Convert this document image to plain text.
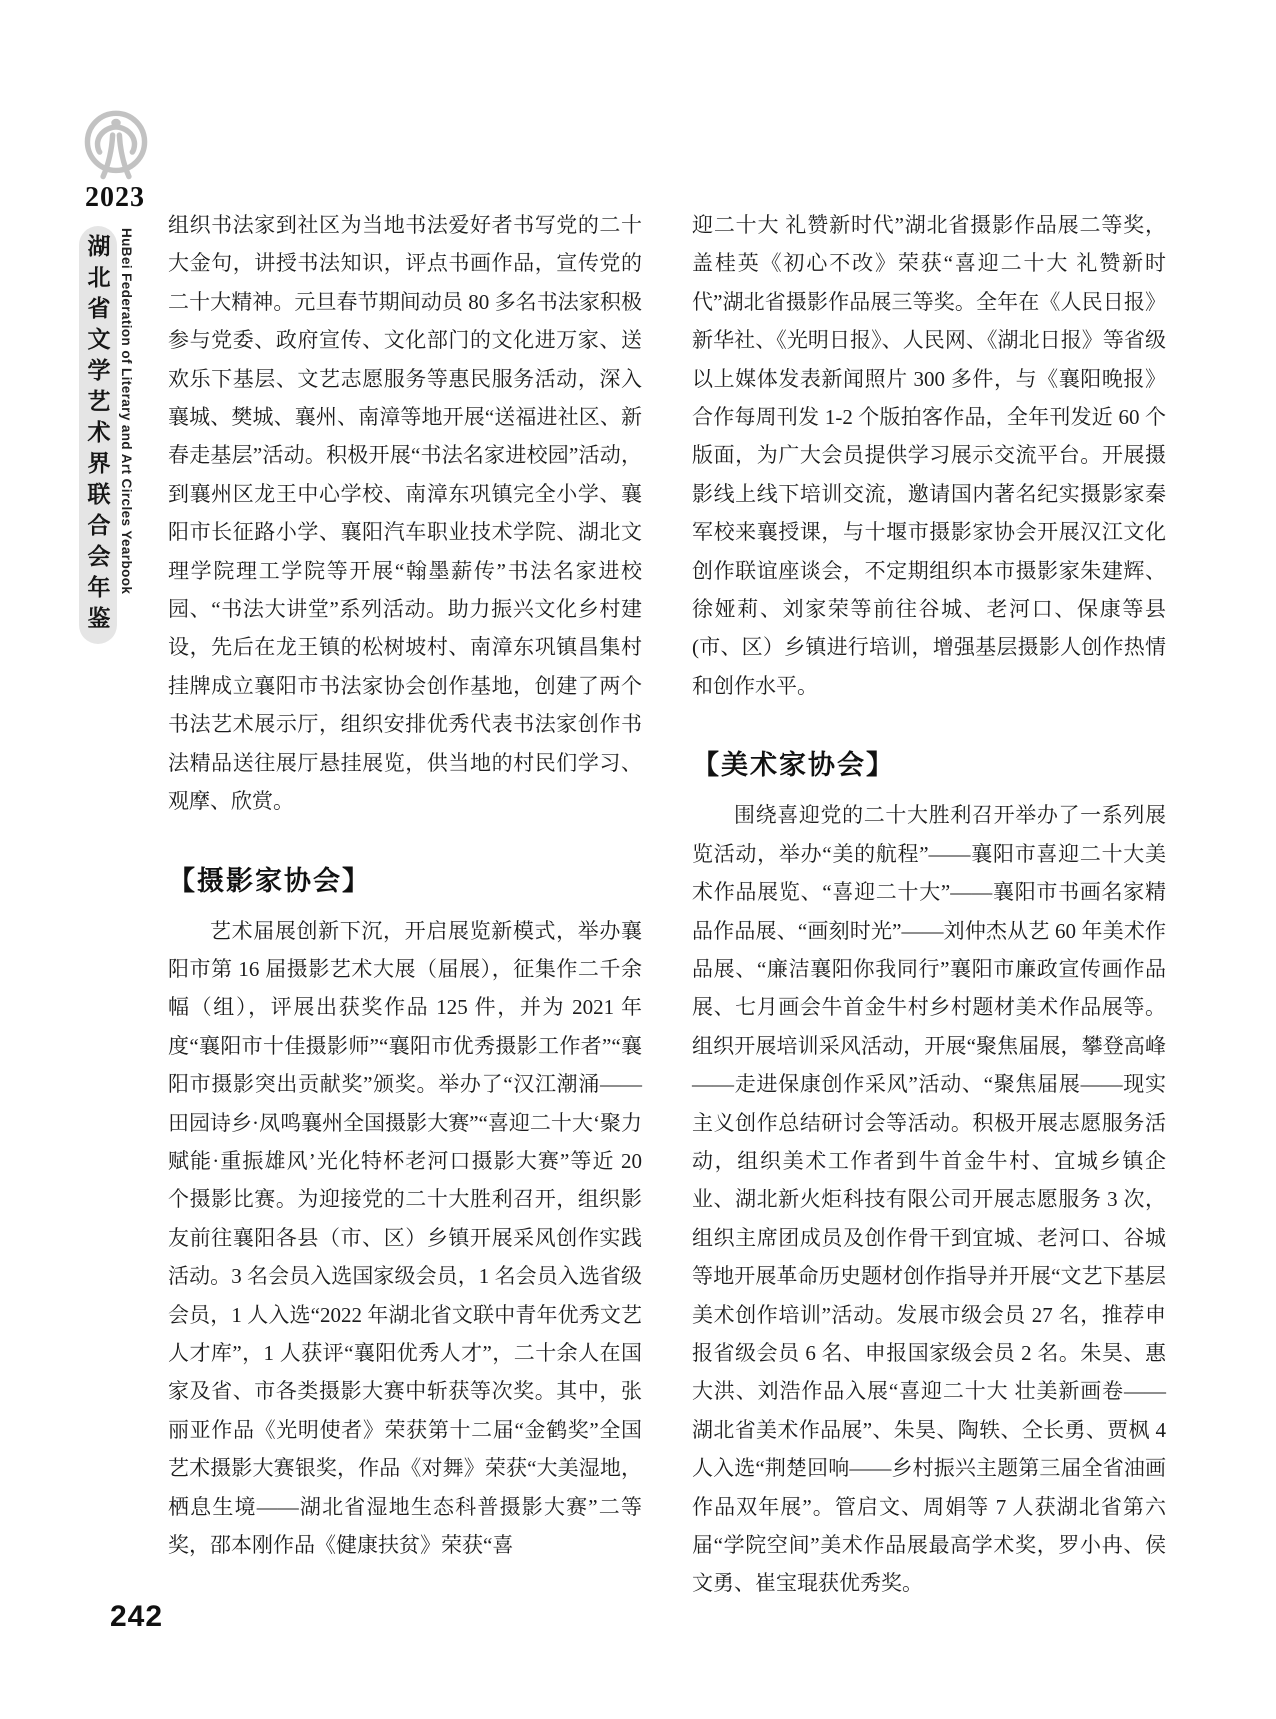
2023
湖北省文学艺术界联合会年鉴 HuBei Federation of Literary and Art Circles Yearbook

组织书法家到社区为当地书法爱好者书写党的二十大金句，讲授书法知识，评点书画作品，宣传党的二十大精神。元旦春节期间动员 80 多名书法家积极参与党委、政府宣传、文化部门的文化进万家、送欢乐下基层、文艺志愿服务等惠民服务活动，深入襄城、樊城、襄州、南漳等地开展“送福进社区、新春走基层”活动。积极开展“书法名家进校园”活动，到襄州区龙王中心学校、南漳东巩镇完全小学、襄阳市长征路小学、襄阳汽车职业技术学院、湖北文理学院理工学院等开展“翰墨薪传”书法名家进校园、“书法大讲堂”系列活动。助力振兴文化乡村建设，先后在龙王镇的松树坡村、南漳东巩镇昌集村挂牌成立襄阳市书法家协会创作基地，创建了两个书法艺术展示厅，组织安排优秀代表书法家创作书法精品送往展厅悬挂展览，供当地的村民们学习、观摩、欣赏。

【摄影家协会】

艺术届展创新下沉，开启展览新模式，举办襄阳市第 16 届摄影艺术大展（届展），征集作二千余幅（组），评展出获奖作品 125 件，并为 2021 年度“襄阳市十佳摄影师”“襄阳市优秀摄影工作者”“襄阳市摄影突出贡献奖”颁奖。举办了“汉江潮涌——田园诗乡·凤鸣襄州全国摄影大赛”“喜迎二十大‘聚力赋能·重振雄风’光化特杯老河口摄影大赛”等近 20 个摄影比赛。为迎接党的二十大胜利召开，组织影友前往襄阳各县（市、区）乡镇开展采风创作实践活动。3 名会员入选国家级会员，1 名会员入选省级会员，1 人入选“2022 年湖北省文联中青年优秀文艺人才库”，1 人获评“襄阳优秀人才”，二十余人在国家及省、市各类摄影大赛中斩获等次奖。其中，张丽亚作品《光明使者》荣获第十二届“金鹤奖”全国艺术摄影大赛银奖，作品《对舞》荣获“大美湿地，栖息生境——湖北省湿地生态科普摄影大赛”二等奖，邵本刚作品《健康扶贫》荣获“喜

迎二十大 礼赞新时代”湖北省摄影作品展二等奖，盖桂英《初心不改》荣获“喜迎二十大 礼赞新时代”湖北省摄影作品展三等奖。全年在《人民日报》新华社、《光明日报》、人民网、《湖北日报》等省级以上媒体发表新闻照片 300 多件，与《襄阳晚报》合作每周刊发 1-2 个版拍客作品，全年刊发近 60 个版面，为广大会员提供学习展示交流平台。开展摄影线上线下培训交流，邀请国内著名纪实摄影家秦军校来襄授课，与十堰市摄影家协会开展汉江文化创作联谊座谈会，不定期组织本市摄影家朱建辉、徐娅莉、刘家荣等前往谷城、老河口、保康等县(市、区）乡镇进行培训，增强基层摄影人创作热情和创作水平。

【美术家协会】

围绕喜迎党的二十大胜利召开举办了一系列展览活动，举办“美的航程”——襄阳市喜迎二十大美术作品展览、“喜迎二十大”——襄阳市书画名家精品作品展、“画刻时光”——刘仲杰从艺 60 年美术作品展、“廉洁襄阳你我同行”襄阳市廉政宣传画作品展、七月画会牛首金牛村乡村题材美术作品展等。组织开展培训采风活动，开展“聚焦届展，攀登高峰——走进保康创作采风”活动、“聚焦届展——现实主义创作总结研讨会等活动。积极开展志愿服务活动，组织美术工作者到牛首金牛村、宜城乡镇企业、湖北新火炬科技有限公司开展志愿服务 3 次，组织主席团成员及创作骨干到宜城、老河口、谷城等地开展革命历史题材创作指导并开展“文艺下基层美术创作培训”活动。发展市级会员 27 名，推荐申报省级会员 6 名、申报国家级会员 2 名。朱昊、惠大洪、刘浩作品入展“喜迎二十大 壮美新画卷——湖北省美术作品展”、朱昊、陶轶、仝长勇、贾枫 4 人入选“荆楚回响——乡村振兴主题第三届全省油画作品双年展”。管启文、周娟等 7 人获湖北省第六届“学院空间”美术作品展最高学术奖，罗小冉、侯文勇、崔宝琨获优秀奖。

242
